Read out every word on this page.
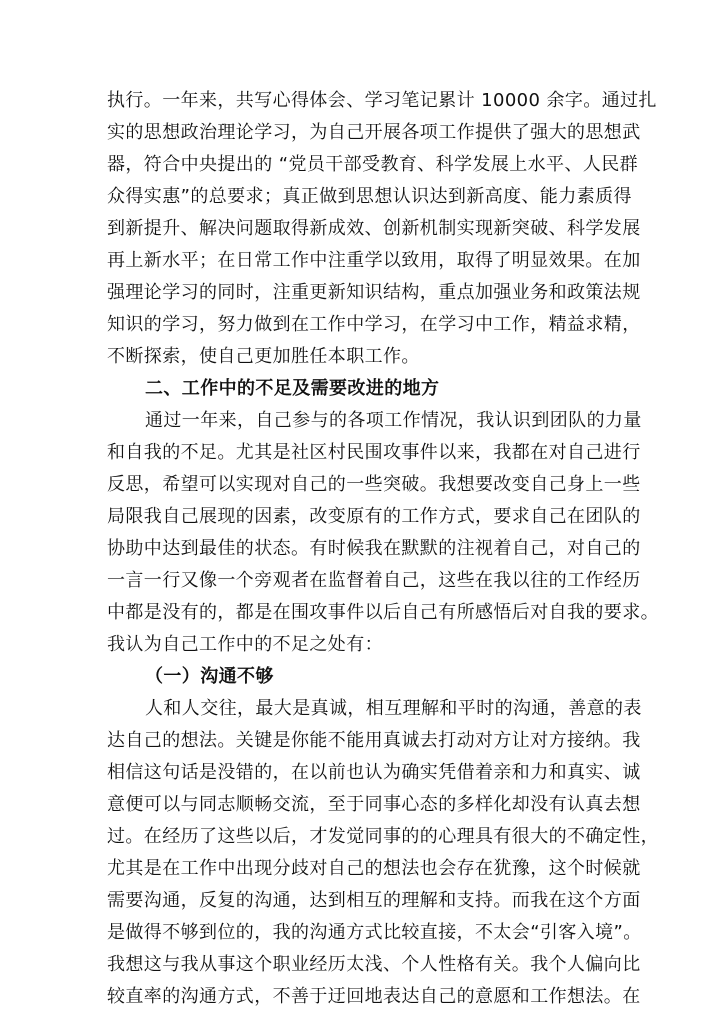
执行。一年来，共写心得体会、学习笔记累计 10000 余字。通过扎
实的思想政治理论学习，为自己开展各项工作提供了强大的思想武
器，符合中央提出的 “党员干部受教育、科学发展上水平、人民群
众得实惠”的总要求；真正做到思想认识达到新高度、能力素质得
到新提升、解决问题取得新成效、创新机制实现新突破、科学发展
再上新水平；在日常工作中注重学以致用，取得了明显效果。在加
强理论学习的同时，注重更新知识结构，重点加强业务和政策法规
知识的学习，努力做到在工作中学习，在学习中工作，精益求精，
不断探索，使自己更加胜任本职工作。
二、工作中的不足及需要改进的地方
通过一年来，自己参与的各项工作情况，我认识到团队的力量
和自我的不足。尤其是社区村民围攻事件以来，我都在对自己进行
反思，希望可以实现对自己的一些突破。我想要改变自己身上一些
局限我自己展现的因素，改变原有的工作方式，要求自己在团队的
协助中达到最佳的状态。有时候我在默默的注视着自己，对自己的
一言一行又像一个旁观者在监督着自己，这些在我以往的工作经历
中都是没有的，都是在围攻事件以后自己有所感悟后对自我的要求。
我认为自己工作中的不足之处有：
（一）沟通不够
人和人交往，最大是真诚，相互理解和平时的沟通，善意的表
达自己的想法。关键是你能不能用真诚去打动对方让对方接纳。我
相信这句话是没错的，在以前也认为确实凭借着亲和力和真实、诚
意便可以与同志顺畅交流，至于同事心态的多样化却没有认真去想
过。在经历了这些以后，才发觉同事的的心理具有很大的不确定性，
尤其是在工作中出现分歧对自己的想法也会存在犹豫，这个时候就
需要沟通，反复的沟通，达到相互的理解和支持。而我在这个方面
是做得不够到位的，我的沟通方式比较直接，不太会“引客入境”。
我想这与我从事这个职业经历太浅、个人性格有关。我个人偏向比
较直率的沟通方式，不善于迂回地表达自己的意愿和工作想法。在
